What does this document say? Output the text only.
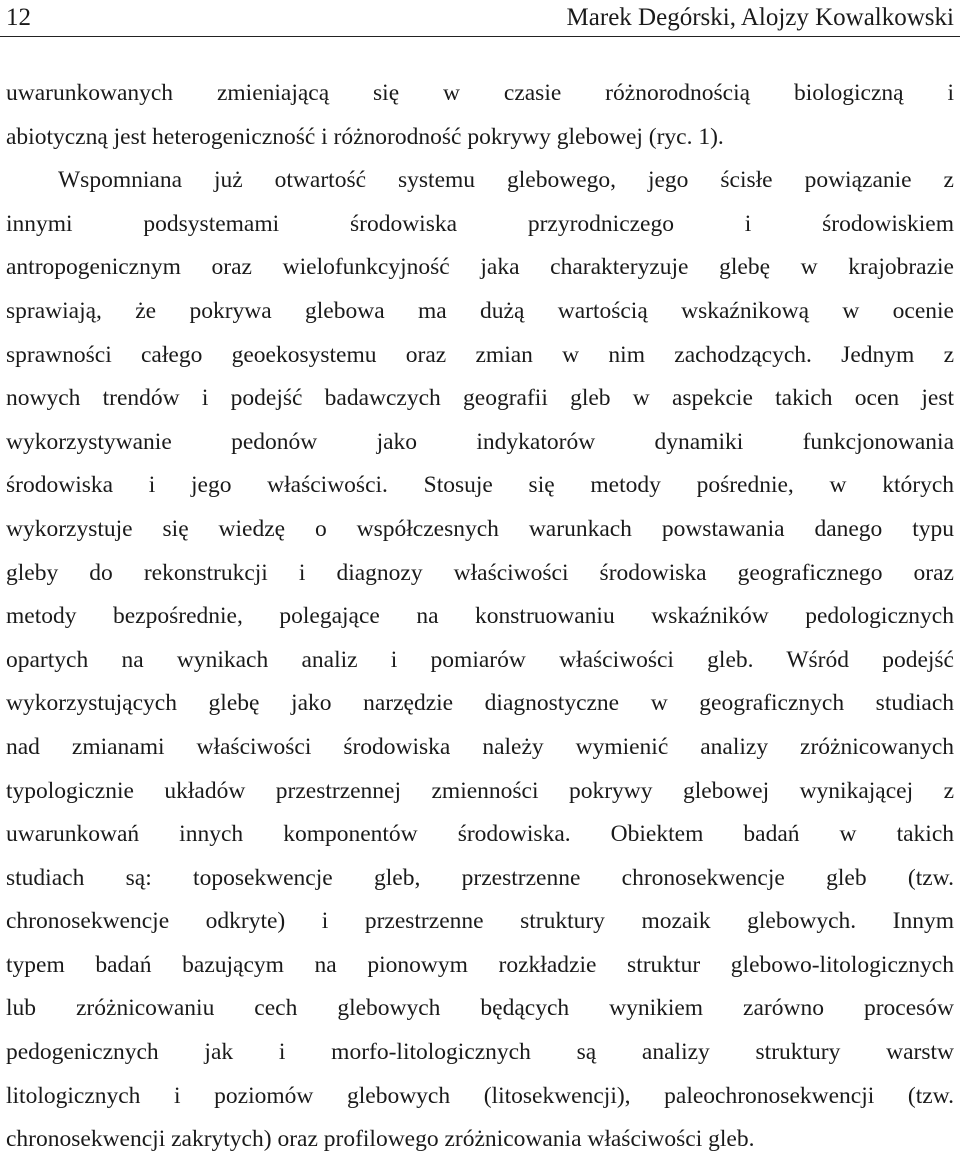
12	Marek Degórski, Alojzy Kowalkowski
uwarunkowanych zmieniającą się w czasie różnorodnością biologiczną i
abiotyczną jest heterogeniczność i różnorodność pokrywy glebowej (ryc. 1).
Wspomniana już otwartość systemu glebowego, jego ścisłe powiązanie z
innymi podsystemami środowiska przyrodniczego i środowiskiem
antropogenicznym oraz wielofunkcyjność jaka charakteryzuje glebę w krajobrazie
sprawiają, że pokrywa glebowa ma dużą wartością wskaźnikową w ocenie
sprawności całego geoekosystemu oraz zmian w nim zachodzących. Jednym z
nowych trendów i podejść badawczych geografii gleb w aspekcie takich ocen jest
wykorzystywanie pedonów jako indykatorów dynamiki funkcjonowania
środowiska i jego właściwości. Stosuje się metody pośrednie, w których
wykorzystuje się wiedzę o współczesnych warunkach powstawania danego typu
gleby do rekonstrukcji i diagnozy właściwości środowiska geograficznego oraz
metody bezpośrednie, polegające na konstruowaniu wskaźników pedologicznych
opartych na wynikach analiz i pomiarów właściwości gleb. Wśród podejść
wykorzystujących glebę jako narzędzie diagnostyczne w geograficznych studiach
nad zmianami właściwości środowiska należy wymienić analizy zróżnicowanych
typologicznie układów przestrzennej zmienności pokrywy glebowej wynikającej z
uwarunkowań innych komponentów środowiska. Obiektem badań w takich
studiach są: toposekwencje gleb, przestrzenne chronosekwencje gleb (tzw.
chronosekwencje odkryte) i przestrzenne struktury mozaik glebowych. Innym
typem badań bazującym na pionowym rozkładzie struktur glebowo-litologicznych
lub zróżnicowaniu cech glebowych będących wynikiem zarówno procesów
pedogenicznych jak i morfo-litologicznych są analizy struktury warstw
litologicznych i poziomów glebowych (litosekwencji), paleochronosekwencji (tzw.
chronosekwencji zakrytych) oraz profilowego zróżnicowania właściwości gleb.
